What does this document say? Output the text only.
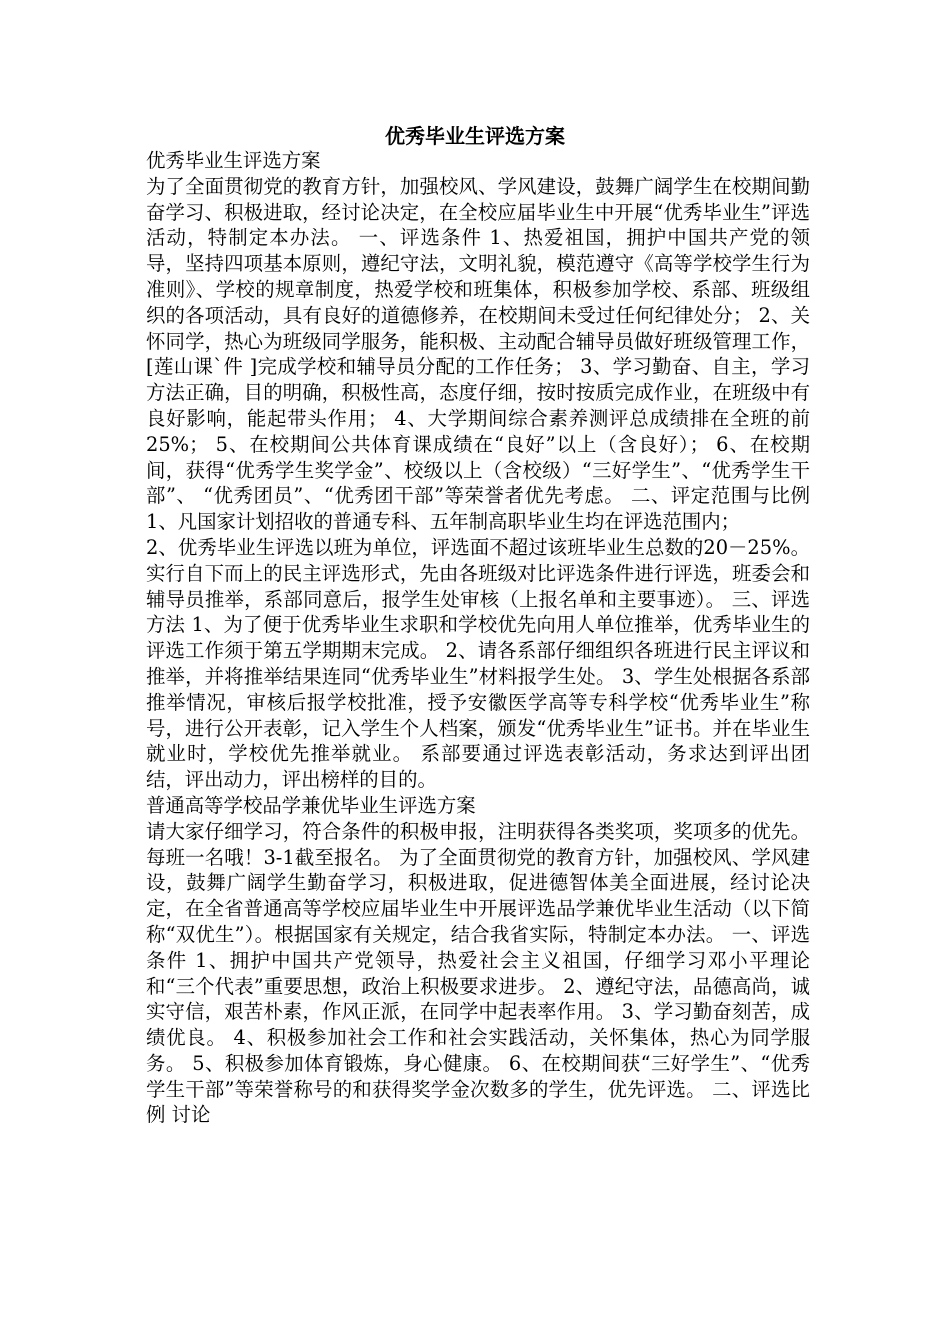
优秀毕业生评选方案

优秀毕业生评选方案

为了全面贯彻党的教育方针，加强校风、学风建设，鼓舞广阔学生在校期间勤奋学习、积极进取，经讨论决定，在全校应届毕业生中开展“优秀毕业生”评选活动，特制定本办法。 一、评选条件 1、热爱祖国，拥护中国共产党的领导，坚持四项基本原则，遵纪守法，文明礼貌，模范遵守《高等学校学生行为准则》、学校的规章制度，热爱学校和班集体，积极参加学校、系部、班级组织的各项活动，具有良好的道德修养，在校期间未受过任何纪律处分； 2、关怀同学，热心为班级同学服务，能积极、主动配合辅导员做好班级管理工作，[莲山课`件 ]完成学校和辅导员分配的工作任务； 3、学习勤奋、自主，学习方法正确，目的明确，积极性高，态度仔细，按时按质完成作业，在班级中有良好影响，能起带头作用； 4、大学期间综合素养测评总成绩排在全班的前25%； 5、在校期间公共体育课成绩在“良好”以上（含良好）； 6、在校期间，获得“优秀学生奖学金”、校级以上（含校级）“三好学生”、“优秀学生干部”、 “优秀团员”、“优秀团干部”等荣誉者优先考虑。 二、评定范围与比例 1、凡国家计划招收的普通专科、五年制高职毕业生均在评选范围内；

2、优秀毕业生评选以班为单位，评选面不超过该班毕业生总数的20－25%。实行自下而上的民主评选形式，先由各班级对比评选条件进行评选，班委会和辅导员推举，系部同意后，报学生处审核（上报名单和主要事迹）。 三、评选方法 1、为了便于优秀毕业生求职和学校优先向用人单位推举，优秀毕业生的评选工作须于第五学期期末完成。 2、请各系部仔细组织各班进行民主评议和推举，并将推举结果连同“优秀毕业生”材料报学生处。 3、学生处根据各系部推举情况，审核后报学校批准，授予安徽医学高等专科学校“优秀毕业生”称号，进行公开表彰，记入学生个人档案，颁发“优秀毕业生”证书。并在毕业生就业时，学校优先推举就业。 系部要通过评选表彰活动，务求达到评出团结，评出动力，评出榜样的目的。

普通高等学校品学兼优毕业生评选方案

请大家仔细学习，符合条件的积极申报，注明获得各类奖项，奖项多的优先。 每班一名哦！3-1截至报名。 为了全面贯彻党的教育方针，加强校风、学风建设，鼓舞广阔学生勤奋学习，积极进取，促进德智体美全面进展，经讨论决定，在全省普通高等学校应届毕业生中开展评选品学兼优毕业生活动（以下简称“双优生”）。根据国家有关规定，结合我省实际，特制定本办法。 一、评选条件 1、拥护中国共产党领导，热爱社会主义祖国，仔细学习邓小平理论和“三个代表”重要思想，政治上积极要求进步。 2、遵纪守法，品德高尚，诚实守信，艰苦朴素，作风正派，在同学中起表率作用。 3、学习勤奋刻苦，成绩优良。 4、积极参加社会工作和社会实践活动，关怀集体，热心为同学服务。 5、积极参加体育锻炼，身心健康。 6、在校期间获“三好学生”、“优秀学生干部”等荣誉称号的和获得奖学金次数多的学生，优先评选。 二、评选比例 讨论
